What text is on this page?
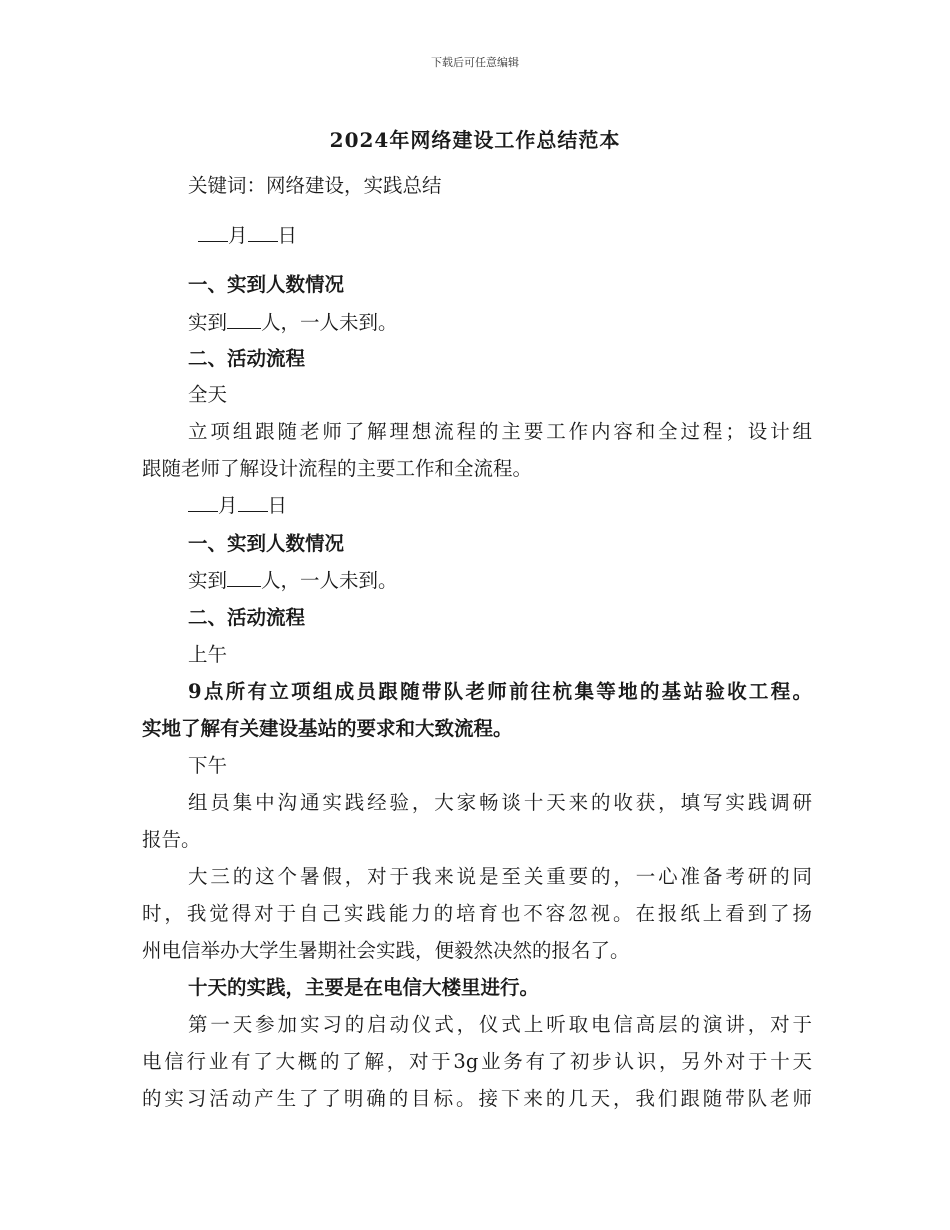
下载后可任意编辑
2024年网络建设工作总结范本
关键词：网络建设，实践总结
月 日
一、实到人数情况
实到 人，一人未到。
二、活动流程
全天
立项组跟随老师了解理想流程的主要工作内容和全过程；设计组
跟随老师了解设计流程的主要工作和全流程。
月 日
一、实到人数情况
实到 人，一人未到。
二、活动流程
上午
9点所有立项组成员跟随带队老师前往杭集等地的基站验收工程。
实地了解有关建设基站的要求和大致流程。
下午
组员集中沟通实践经验，大家畅谈十天来的收获，填写实践调研
报告。
大三的这个暑假，对于我来说是至关重要的，一心准备考研的同
时，我觉得对于自己实践能力的培育也不容忽视。在报纸上看到了扬
州电信举办大学生暑期社会实践，便毅然决然的报名了。
十天的实践，主要是在电信大楼里进行。
第一天参加实习的启动仪式，仪式上听取电信高层的演讲，对于
电信行业有了大概的了解，对于3g业务有了初步认识，另外对于十天
的实习活动产生了了明确的目标。接下来的几天，我们跟随带队老师
